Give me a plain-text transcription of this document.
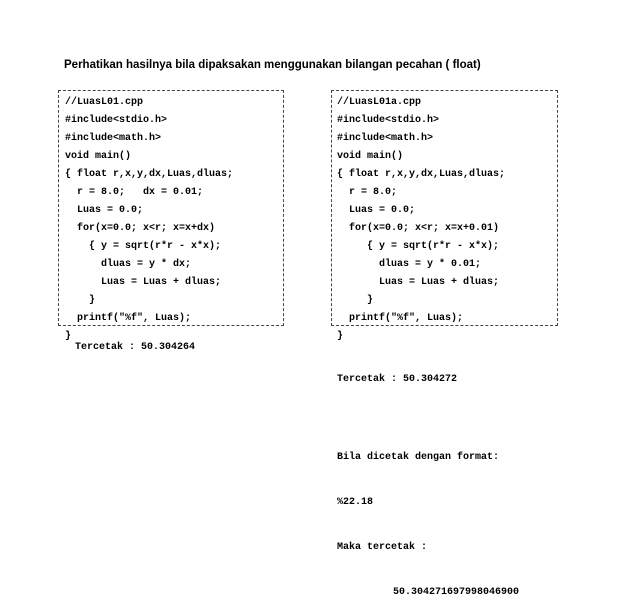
Perhatikan hasilnya bila dipaksakan menggunakan bilangan pecahan ( float)
//LuasL01.cpp
#include<stdio.h>
#include<math.h>
void main()
{ float r,x,y,dx,Luas,dluas;
r = 8.0;   dx = 0.01;
Luas = 0.0;
for(x=0.0; x<r; x=x+dx)
{ y = sqrt(r*r - x*x);
dluas = y * dx;
Luas = Luas + dluas;
}
printf("%f", Luas);
}
//LuasL01a.cpp
#include<stdio.h>
#include<math.h>
void main()
{ float r,x,y,dx,Luas,dluas;
r = 8.0;
Luas = 0.0;
for(x=0.0; x<r; x=x+0.01)
{ y = sqrt(r*r - x*x);
dluas = y * 0.01;
Luas = Luas + dluas;
}
printf("%f", Luas);
}
Tercetak : 50.304264

Tercetak : 50.304272

Bila dicetak dengan format:

%22.18

Maka tercetak :

50.304271697998046900
